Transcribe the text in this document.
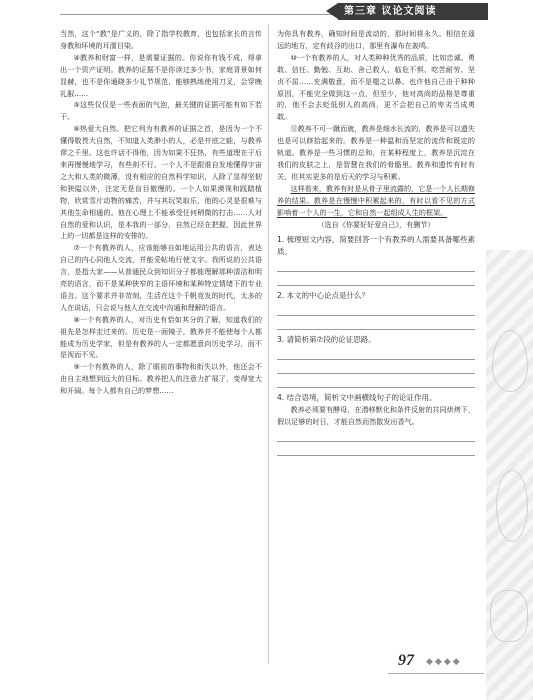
第三章 议论文阅读

当然，这个“教”是广义的，除了指学校教育，也包括家长的言传身教和环境的耳濡目染。

④教养和财富一样，是需要证据的。你说你有钱不成，得拿出一个资产证明。教养的证据不是你读过多少书，家庭背景如何显赫，也不是你通晓多少礼节规范，能够熟练使用刀叉，会穿晚礼服……

⑤这些仅仅是一些表面的气泡，最关键的证据可能有如下若干。

⑥热爱大自然。把它列为有教养的证据之首，是因为一个不懂得敬畏大自然，不知道人类渺小的人，必是井底之蛙，与教养谬之千里。这也许话不得他，因为如果不狂热，有些道理在于后来再慢慢地学习，有些则不行。一个人不是跟谁自发地懂得宇宙之大和人类的微薄，没有相应的自然科学知识，人除了显得坚韧和狭隘以外，注定无是盲目傲慢的。一个人如果漠视和践踏植物，欣赏雪片动物的痛苦，并与其玩笑取乐，他的心灵是很难与其他生命相通的。他在心理上不能承受任何稍微的打击……人对自然的爱和认识，是本我的一部分，自然已经在把握，因此世界上的一切都是这样的安排的。

⑦一个有教养的人，应该能够自如地运用公共的语言，表达自己的内心同他人交流，并能妥帖地行使文字。我所说的公共语言，是指大家——从普通民众到知识分子都能理解那种清洁和明亮的语言，而不是某种狭窄的主语环境和某种特定情绪下的专业语言。这个要求并非苛刻，生活在这个千帆竞发的时代，太多的人在说话，只会说与他人在交流中沟通和理解的语言。

⑧一个有教养的人，对历史有恰如其分的了解，知道我们的祖先是怎样走过来的。历史是一面镜子，教养并不能使每个人都能成为历史学家，但是有教养的人一定都愿意向历史学习，而不是视而不见。

⑨一个有教养的人，除了眼前的事物和衔失以外，他还会不由自主地想到远大的目标。教养把人的注意力扩展了，变得宽大和开阔。每个人都有自己的梦想……

为你具有教养，确知时间是流动的，那时间将永久。相信在遥远的地方，定有歧谷的出口，那里有瀑布在轰鸣。

⑩一个有教养的人，对人类种种优秀的品质，比如忠诚、勇敢、信任、勤勉、互助、舍己救人、临危不惧、吃苦耐劳、坚贞不屈……充满敬意，而不是嗤之以鼻。也许他自己由于种种原因，不能完全做到这一点，但至少，他对高尚的品格是尊重的，他不会去贬低别人的高尚，更不会把自己的卑劣当成勇敢。

⑪教养不可一蹴而就，教养是细水长流的，教养是可以遗失也是可以修拾起来的。教养是一种温和而坚定的流传和既定的轨道。教养是一些习惯的总和，在某种程度上，教养是沉淀在我们的皮肤之上，是智慧在我们的骨骼里。教养和遗传有时有关，但其实更多的是后天的学习与积累。

这样看来，教养有时是从骨子里流露的，它是一个人长期修养的结果。教养是在慢慢中积累起来的，有时以看不见的方式影响着一个人的一生，它和自然一起组成人生的框架。

（选自《你要好好爱自己》，有删节）

1. 梳理短文内容，简要回答一个有教养的人需要具备哪些素质。
2. 本文的中心论点是什么？
3. 请简析第⑦段的论证思路。
4. 结合语境，简析文中画横线句子的论证作用。
教养必须要有酵母，在潜移默化和条件反射的共同烘烤下，假以足够的时日，才能自然而然散发出香气。
97 ◆◆◆◆
